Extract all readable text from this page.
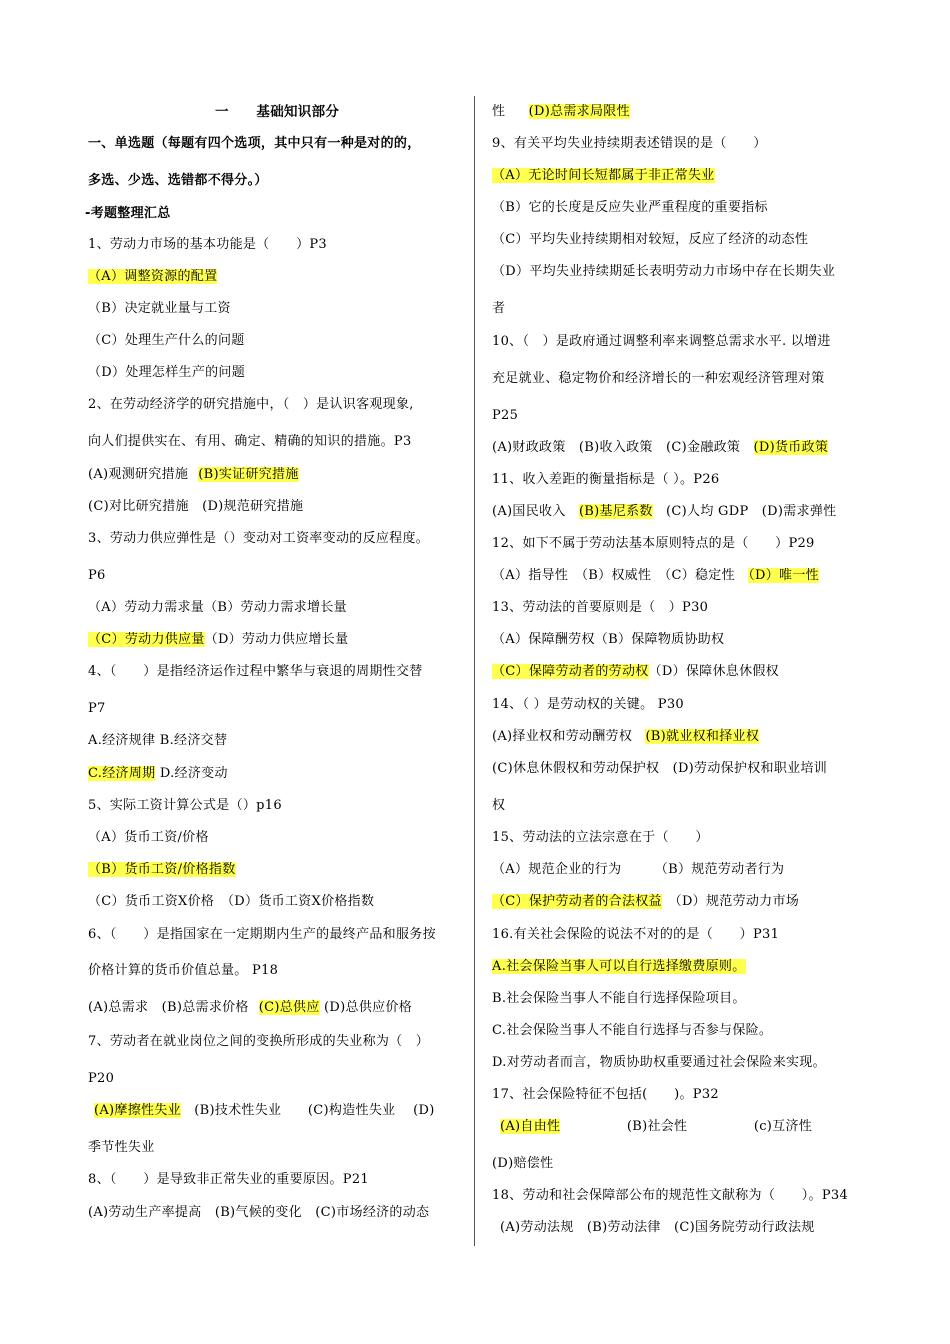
一　　基础知识部分
一、单选题（每题有四个选项，其中只有一种是对的的，
多选、少选、选错都不得分。）
-考题整理汇总
1、劳动力市场的基本功能是（　　）P3
（A）调整资源的配置
（B）决定就业量与工资
（C）处理生产什么的问题
（D）处理怎样生产的问题
2、在劳动经济学的研究措施中，（　）是认识客观现象,
向人们提供实在、有用、确定、精确的知识的措施。P3
(A)观测研究措施 (B)实证研究措施
(C)对比研究措施　(D)规范研究措施
3、劳动力供应弹性是（）变动对工资率变动的反应程度。
P6
（A）劳动力需求量（B）劳动力需求增长量
（C）劳动力供应量（D）劳动力供应增长量
4、（　　）是指经济运作过程中繁华与衰退的周期性交替
P7
A.经济规律 B.经济交替
C.经济周期 D.经济变动
5、实际工资计算公式是（）p16
（A）货币工资/价格
（B）货币工资/价格指数
（C）货币工资X价格　（D）货币工资X价格指数
6、（　　）是指国家在一定期期内生产的最终产品和服务按
价格计算的货币价值总量。 P18
(A)总需求　(B)总需求价格 (C)总供应 (D)总供应价格
7、劳动者在就业岗位之间的变换所形成的失业称为（　）
P20
(A)摩擦性失业　(B)技术性失业　　(C)构造性失业　 (D)
季节性失业
8、（　　）是导致非正常失业的重要原因。P21
(A)劳动生产率提高　(B)气候的变化　(C)市场经济的动态
性　(D)总需求局限性
9、有关平均失业持续期表述错误的是（　　）
（A）无论时间长短都属于非正常失业
（B）它的长度是反应失业严重程度的重要指标
（C）平均失业持续期相对较短，反应了经济的动态性
（D）平均失业持续期延长表明劳动力市场中存在长期失业
者
10、（　）是政府通过调整利率来调整总需求水平. 以增进
充足就业、稳定物价和经济增长的一种宏观经济管理对策
P25
(A)财政政策　(B)收入政策　(C)金融政策　(D)货币政策
11、收入差距的衡量指标是（ ）。P26
(A)国民收入　(B)基尼系数　(C)人均 GDP　(D)需求弹性
12、如下不属于劳动法基本原则特点的是（　　）P29
（A）指导性　（B）权威性　（C）稳定性　（D）唯一性
13、劳动法的首要原则是（　）P30
（A）保障酬劳权（B）保障物质协助权
（C）保障劳动者的劳动权（D）保障休息休假权
14、（ ）是劳动权的关键。 P30
(A)择业权和劳动酬劳权　(B)就业权和择业权
(C)休息休假权和劳动保护权　(D)劳动保护权和职业培训
权
15、劳动法的立法宗意在于（　　）
（A）规范企业的行为　　　（B）规范劳动者行为
（C）保护劳动者的合法权益　（D）规范劳动力市场
16.有关社会保险的说法不对的的是（　　）P31
A.社会保险当事人可以自行选择缴费原则。
B.社会保险当事人不能自行选择保险项目。
C.社会保险当事人不能自行选择与否参与保险。
D.对劳动者而言，物质协助权重要通过社会保险来实现。
17、社会保险特征不包括(　　)。P32
(A)自由性　　　　　(B)社会性　　　　　(c)互济性
(D)赔偿性
18、劳动和社会保障部公布的规范性文献称为（　　）。P34
(A)劳动法规　(B)劳动法律　(C)国务院劳动行政法规
